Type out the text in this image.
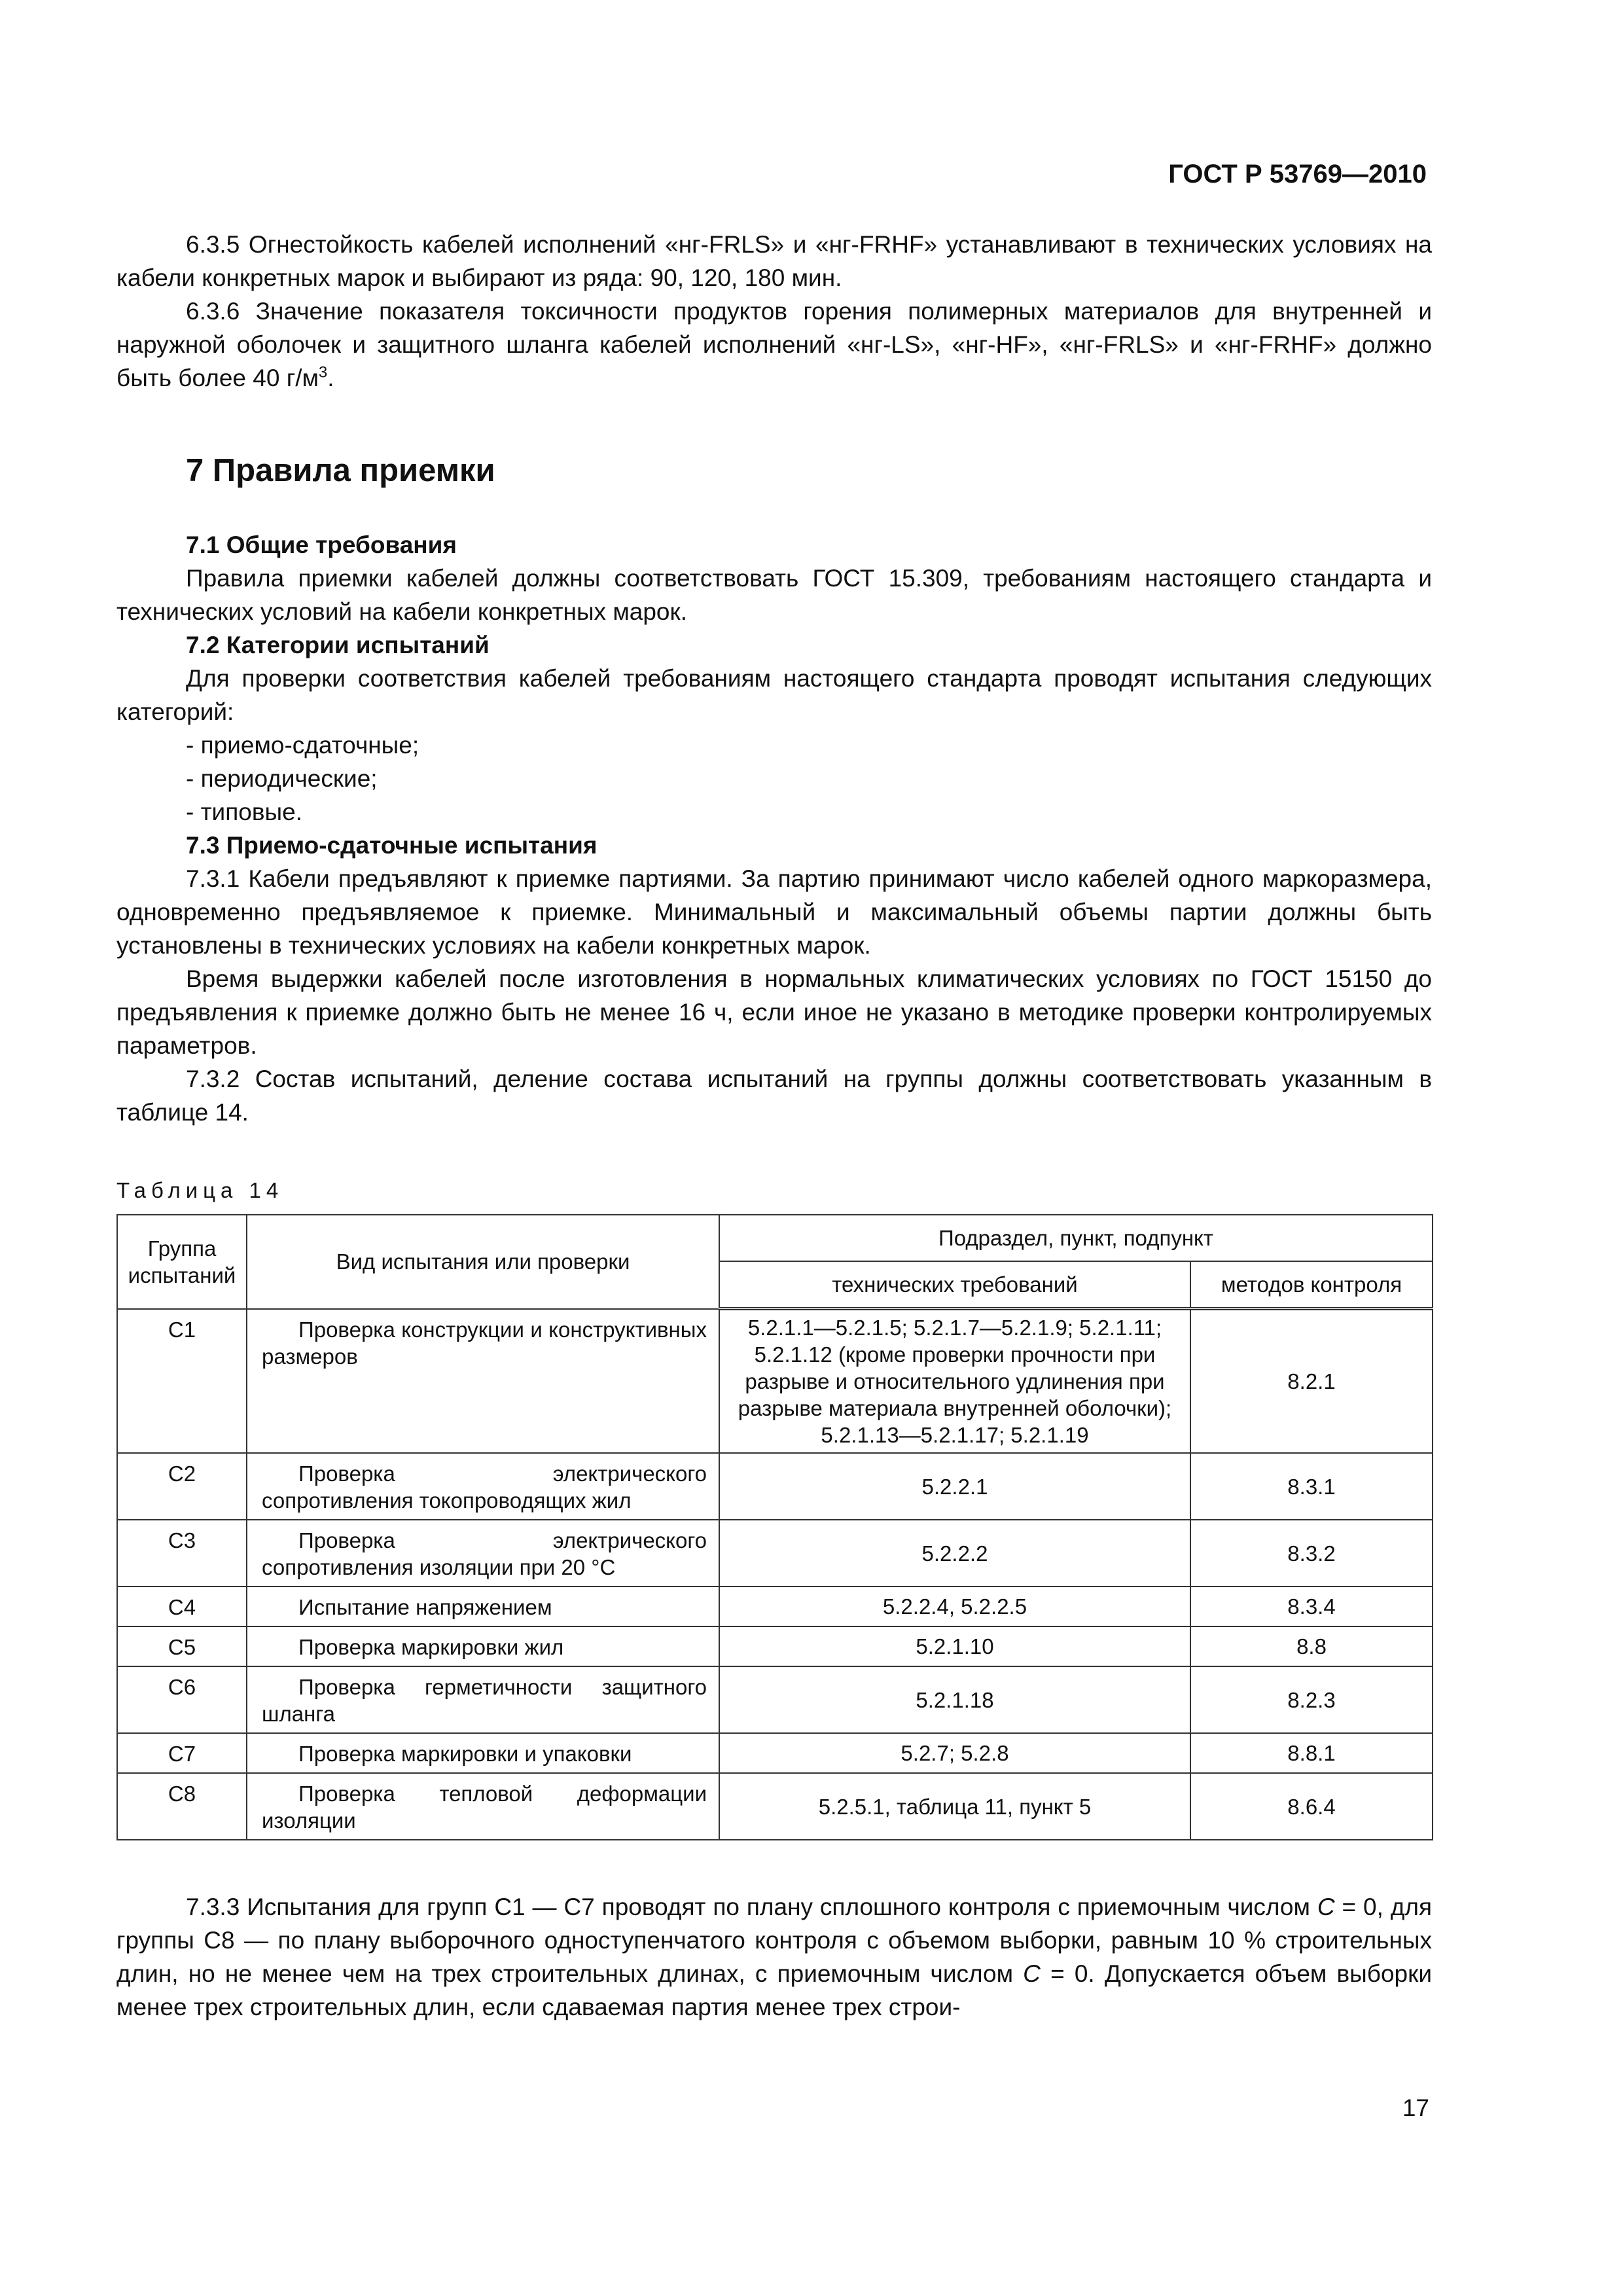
ГОСТ Р 53769—2010

6.3.5 Огнестойкость кабелей исполнений «нг-FRLS» и «нг-FRHF» устанавливают в технических условиях на кабели конкретных марок и выбирают из ряда: 90, 120, 180 мин.

6.3.6 Значение показателя токсичности продуктов горения полимерных материалов для внутренней и наружной оболочек и защитного шланга кабелей исполнений «нг-LS», «нг-HF», «нг-FRLS» и «нг-FRHF» должно быть более 40 $г/м^3$.

7 Правила приемки
7.1 Общие требования

Правила приемки кабелей должны соответствовать ГОСТ 15.309, требованиям настоящего стандарта и технических условий на кабели конкретных марок.

7.2 Категории испытаний

Для проверки соответствия кабелей требованиям настоящего стандарта проводят испытания следующих категорий:

- приемо-сдаточные;
- периодические;
- типовые.
7.3 Приемо-сдаточные испытания

7.3.1 Кабели предъявляют к приемке партиями. За партию принимают число кабелей одного маркоразмера, одновременно предъявляемое к приемке. Минимальный и максимальный объемы партии должны быть установлены в технических условиях на кабели конкретных марок.

Время выдержки кабелей после изготовления в нормальных климатических условиях по ГОСТ 15150 до предъявления к приемке должно быть не менее 16 ч, если иное не указано в методике проверки контролируемых параметров.

7.3.2 Состав испытаний, деление состава испытаний на группы должны соответствовать указанным в таблице 14.

Таблица 14
Группа испытаний	Вид испытания или проверки	Подраздел, пункт, подпункт	
		технических требований	методов контроля
С1	Проверка конструкции и конструктивных размеров	5.2.1.1—5.2.1.5; 5.2.1.7—5.2.1.9; 5.2.1.11; 5.2.1.12 (кроме проверки прочности при разрыве и относительного удлинения при разрыве материала внутренней оболочки); 5.2.1.13—5.2.1.17; 5.2.1.19	8.2.1
С2	Проверка электрического сопротивления токопроводящих жил	5.2.2.1	8.3.1
С3	Проверка электрического сопротивления изоляции при 20 °С	5.2.2.2	8.3.2
С4	Испытание напряжением	5.2.2.4, 5.2.2.5	8.3.4
С5	Проверка маркировки жил	5.2.1.10	8.8
С6	Проверка герметичности защитного шланга	5.2.1.18	8.2.3
С7	Проверка маркировки и упаковки	5.2.7; 5.2.8	8.8.1
С8	Проверка тепловой деформации изоляции	5.2.5.1, таблица 11, пункт 5	8.6.4

7.3.3 Испытания для групп С1 — С7 проводят по плану сплошного контроля с приемочным числом С = 0, для группы С8 — по плану выборочного одноступенчатого контроля с объемом выборки, равным 10 % строительных длин, но не менее чем на трех строительных длинах, с приемочным числом С = 0. Допускается объем выборки менее трех строительных длин, если сдаваемая партия менее трех строи-

17
